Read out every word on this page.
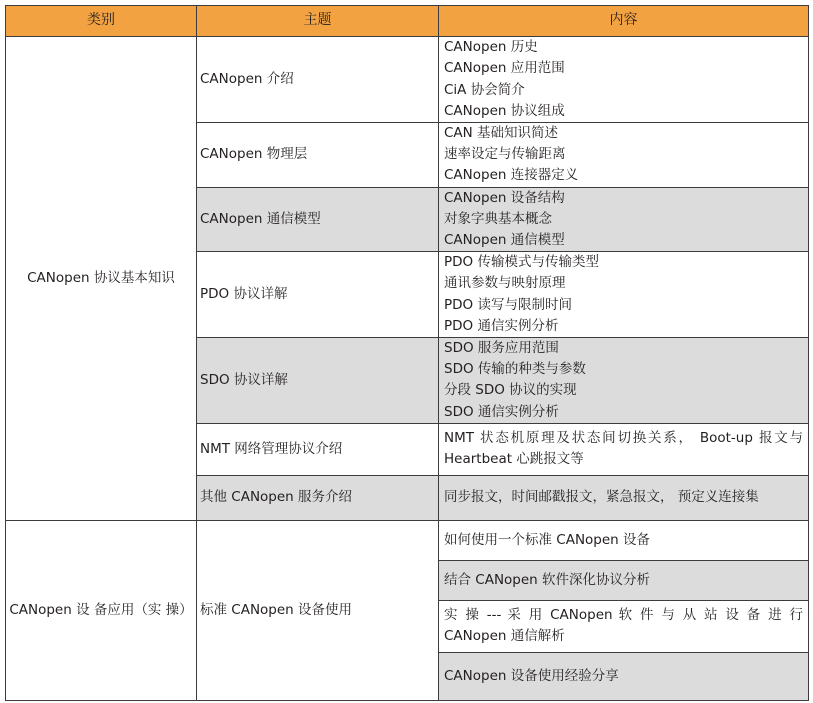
类别	主题	内容
CANopen 协议基本知识	CANopen 介绍	CANopen 历史
CANopen 应用范围
CiA 协会简介
CANopen 协议组成

	CANopen 物理层	CAN 基础知识简述
速率设定与传输距离
CANopen 连接器定义

	CANopen 通信模型	CANopen 设备结构
对象字典基本概念
CANopen 通信模型

	PDO 协议详解	PDO 传输模式与传输类型
通讯参数与映射原理
PDO 读写与限制时间
PDO 通信实例分析

	SDO 协议详解	SDO 服务应用范围
SDO 传输的种类与参数
分段 SDO 协议的实现
SDO 通信实例分析

	NMT 网络管理协议介绍	NMT 状态机原理及状态间切换关系， Boot-up 报文与 Heartbeat 心跳报文等

	其他 CANopen 服务介绍	同步报文，时间邮戳报文，紧急报文， 预定义连接集

CANopen 设 备应用（实 操）	标准 CANopen 设备使用	如何使用一个标准 CANopen 设备

		结合 CANopen 软件深化协议分析

		实 操 --- 采 用 CANopen 软 件 与 从 站 设 备 进 行 CANopen 通信解析

		CANopen 设备使用经验分享
